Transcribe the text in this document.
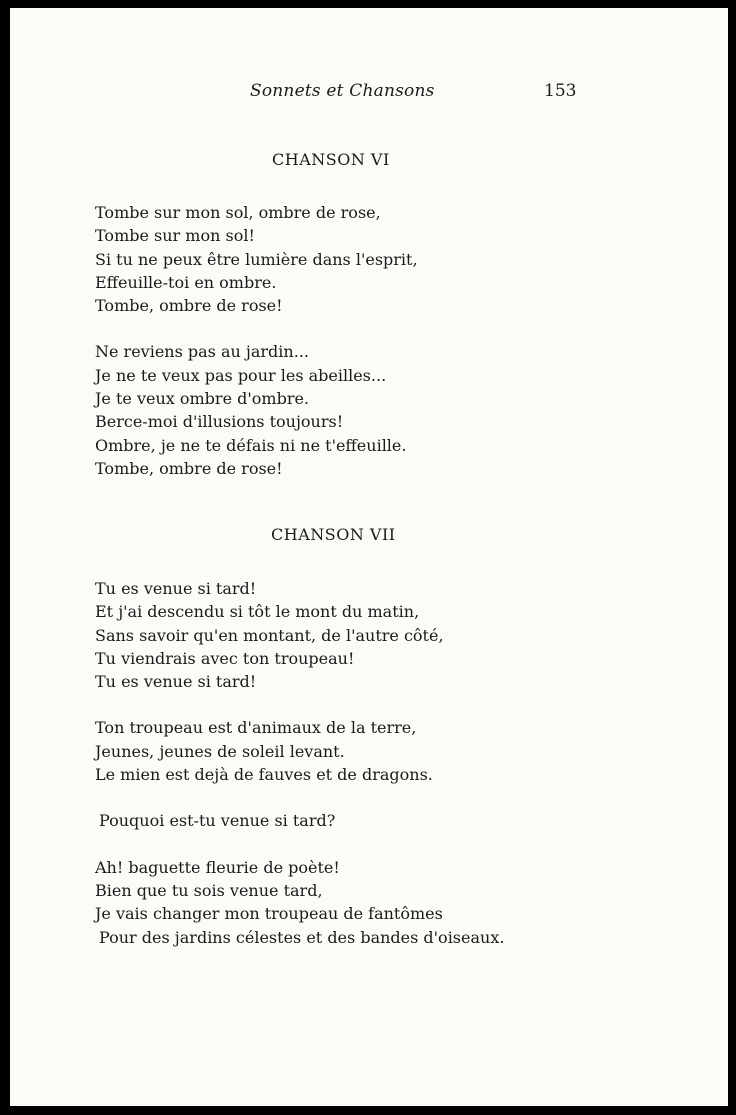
Sonnets et Chansons	153
CHANSON VI
Tombe sur mon sol, ombre de rose,
Tombe sur mon sol!
Si tu ne peux être lumière dans l'esprit,
Effeuille-toi en ombre.
Tombe, ombre de rose!
Ne reviens pas au jardin...
Je ne te veux pas pour les abeilles...
Je te veux ombre d'ombre.
Berce-moi d'illusions toujours!
Ombre, je ne te défais ni ne t'effeuille.
Tombe, ombre de rose!
CHANSON VII
Tu es venue si tard!
Et j'ai descendu si tôt le mont du matin,
Sans savoir qu'en montant, de l'autre côté,
Tu viendrais avec ton troupeau!
Tu es venue si tard!
Ton troupeau est d'animaux de la terre,
Jeunes, jeunes de soleil levant.
Le mien est dejà de fauves et de dragons.
Pouquoi est-tu venue si tard?
Ah! baguette fleurie de poète!
Bien que tu sois venue tard,
Je vais changer mon troupeau de fantômes
Pour des jardins célestes et des bandes d'oiseaux.
